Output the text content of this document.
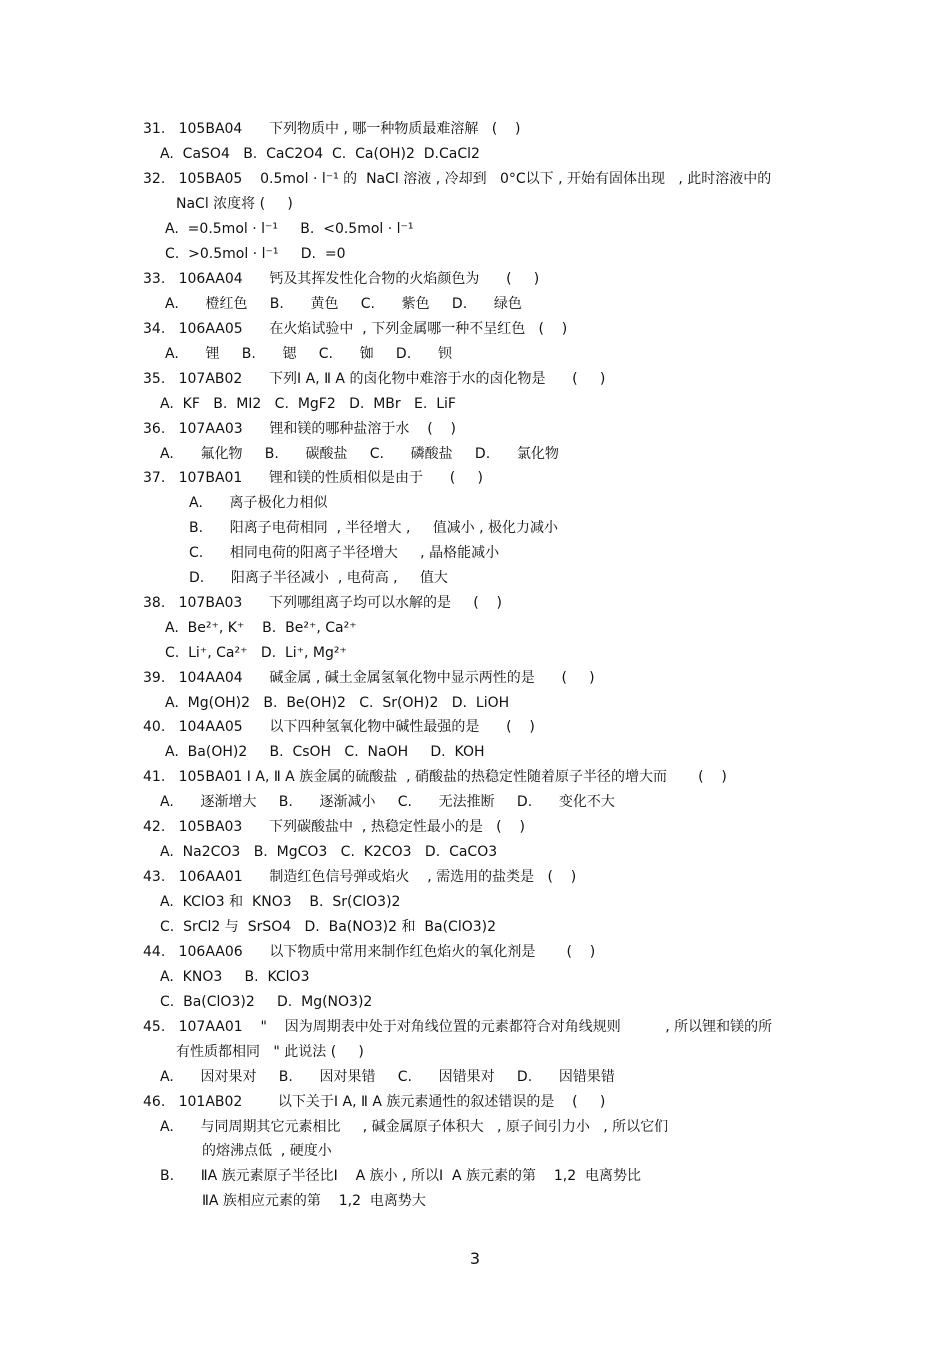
31.   105BA04      下列物质中 , 哪一种物质最难溶解   (    )
A.  CaSO4   B.  CaC2O4  C.  Ca(OH)2  D.CaCl2
32.   105BA05    0.5mol · l⁻¹ 的  NaCl 溶液 , 冷却到   0°C以下 , 开始有固体出现   , 此时溶液中的
NaCl 浓度将 (     )
A.  =0.5mol · l⁻¹     B.  <0.5mol · l⁻¹
C.  >0.5mol · l⁻¹     D.  =0
33.   106AA04      钙及其挥发性化合物的火焰颜色为      (     )
A.      橙红色     B.      黄色     C.      紫色     D.      绿色
34.   106AA05      在火焰试验中  , 下列金属哪一种不呈红色   (    )
A.      锂     B.      锶     C.      铷     D.      钡
35.   107AB02      下列Ⅰ A, Ⅱ A 的卤化物中难溶于水的卤化物是      (     )
A.  KF   B.  MI2   C.  MgF2   D.  MBr   E.  LiF
36.   107AA03      锂和镁的哪种盐溶于水    (    )
A.      氟化物     B.      碳酸盐     C.      磷酸盐     D.      氯化物
37.   107BA01      锂和镁的性质相似是由于      (     )
A.      离子极化力相似
B.      阳离子电荷相同  , 半径增大 ,     值减小 , 极化力减小
C.      相同电荷的阳离子半径增大     , 晶格能减小
D.      阳离子半径减小  , 电荷高 ,     值大
38.   107BA03      下列哪组离子均可以水解的是     (    )
A.  Be²⁺, K⁺    B.  Be²⁺, Ca²⁺
C.  Li⁺, Ca²⁺   D.  Li⁺, Mg²⁺
39.   104AA04      碱金属 , 碱土金属氢氧化物中显示两性的是      (     )
A.  Mg(OH)2   B.  Be(OH)2   C.  Sr(OH)2   D.  LiOH
40.   104AA05      以下四种氢氧化物中碱性最强的是      (    )
A.  Ba(OH)2     B.  CsOH   C.  NaOH     D.  KOH
41.   105BA01 Ⅰ A, Ⅱ A 族金属的硫酸盐  , 硝酸盐的热稳定性随着原子半径的增大而       (    )
A.      逐渐增大     B.      逐渐减小     C.      无法推断     D.      变化不大
42.   105BA03      下列碳酸盐中  , 热稳定性最小的是   (    )
A.  Na2CO3   B.  MgCO3   C.  K2CO3   D.  CaCO3
43.   106AA01      制造红色信号弹或焰火    , 需选用的盐类是   (    )
A.  KClO3 和  KNO3    B.  Sr(ClO3)2
C.  SrCl2 与  SrSO4   D.  Ba(NO3)2 和  Ba(ClO3)2
44.   106AA06      以下物质中常用来制作红色焰火的氧化剂是       (    )
A.  KNO3     B.  KClO3
C.  Ba(ClO3)2     D.  Mg(NO3)2
45.   107AA01    "    因为周期表中处于对角线位置的元素都符合对角线规则          , 所以锂和镁的所
有性质都相同   " 此说法 (     )
A.      因对果对     B.      因对果错     C.      因错果对     D.      因错果错
46.   101AB02        以下关于Ⅰ A, Ⅱ A 族元素通性的叙述错误的是    (     )
A.      与同周期其它元素相比     , 碱金属原子体积大   , 原子间引力小   , 所以它们
的熔沸点低  , 硬度小
B.      ⅡA 族元素原子半径比Ⅰ    A 族小 , 所以Ⅰ  A 族元素的第    1,2  电离势比
ⅡA 族相应元素的第    1,2  电离势大
3
